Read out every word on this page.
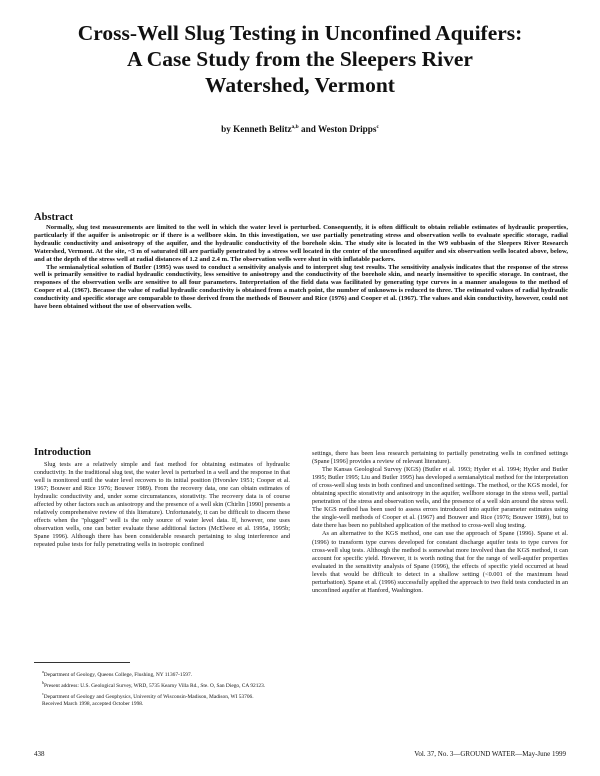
Cross-Well Slug Testing in Unconfined Aquifers:
A Case Study from the Sleepers River
Watershed, Vermont
by Kenneth Belitz$^{a,b}$ and Weston Dripps$^c$
Abstract

Normally, slug test measurements are limited to the well in which the water level is perturbed. Consequently, it is often difficult to obtain reliable estimates of hydraulic properties, particularly if the aquifer is anisotropic or if there is a wellbore skin. In this investigation, we use partially penetrating stress and observation wells to evaluate specific storage, radial hydraulic conductivity and anisotropy of the aquifer, and the hydraulic conductivity of the borehole skin. The study site is located in the W9 subbasin of the Sleepers River Research Watershed, Vermont. At the site, ~3 m of saturated till are partially penetrated by a stress well located in the center of the unconfined aquifer and six observation wells located above, below, and at the depth of the stress well at radial distances of 1.2 and 2.4 m. The observation wells were shut in with inflatable packers.

The semianalytical solution of Butler (1995) was used to conduct a sensitivity analysis and to interpret slug test results. The sensitivity analysis indicates that the response of the stress well is primarily sensitive to radial hydraulic conductivity, less sensitive to anisotropy and the conductivity of the borehole skin, and nearly insensitive to specific storage. In contrast, the responses of the observation wells are sensitive to all four parameters. Interpretation of the field data was facilitated by generating type curves in a manner analogous to the method of Cooper et al. (1967). Because the value of radial hydraulic conductivity is obtained from a match point, the number of unknowns is reduced to three. The estimated values of radial hydraulic conductivity and specific storage are comparable to those derived from the methods of Bouwer and Rice (1976) and Cooper et al. (1967). The values and skin conductivity, however, could not have been obtained without the use of observation wells.

Introduction

Slug tests are a relatively simple and fast method for obtaining estimates of hydraulic conductivity. In the traditional slug test, the water level is perturbed in a well and the response in that well is monitored until the water level recovers to its initial position (Hvorslev 1951; Cooper et al. 1967; Bouwer and Rice 1976; Bouwer 1989). From the recovery data, one can obtain estimates of hydraulic conductivity and, under some circumstances, storativity. The recovery data is of course affected by other factors such as anisotropy and the presence of a well skin (Chirlin [1990] presents a relatively comprehensive review of this literature). Unfortunately, it can be difficult to discern these effects when the "plugged" well is the only source of water level data. If, however, one uses observation wells, one can better evaluate these additional factors (McElwee et al. 1995a, 1995b; Spane 1996). Although there has been considerable research pertaining to slug interference and repeated pulse tests for fully penetrating wells in isotropic confined

$^a$Department of Geology, Queens College, Flushing, NY 11367-1597.
$^b$Present address: U.S. Geological Survey, WRD, 5735 Kearny Villa Rd., Ste. O, San Diego, CA 92123.
$^c$Department of Geology and Geophysics, University of Wisconsin-Madison, Madison, WI 53706.
Received March 1998, accepted October 1998.

settings, there has been less research pertaining to partially penetrating wells in confined settings (Spane [1996] provides a review of relevant literature).

The Kansas Geological Survey (KGS) (Butler et al. 1993; Hyder et al. 1994; Hyder and Butler 1995; Butler 1995; Liu and Butler 1995) has developed a semianalytical method for the interpretation of cross-well slug tests in both confined and unconfined settings. The method, or the KGS model, for obtaining specific storativity and anisotropy in the aquifer, wellbore storage in the stress well, partial penetration of the stress and observation wells, and the presence of a well skin around the stress well. The KGS method has been used to assess errors introduced into aquifer parameter estimates using the single-well methods of Cooper et al. (1967) and Bouwer and Rice (1976; Bouwer 1989), but to date there has been no published application of the method to cross-well slug testing.

As an alternative to the KGS method, one can use the approach of Spane (1996). Spane et al. (1996) to transform type curves developed for constant discharge aquifer tests to type curves for cross-well slug tests. Although the method is somewhat more involved than the KGS method, it can account for specific yield. However, it is worth noting that for the range of well-aquifer properties evaluated in the sensitivity analysis of Spane (1996), the effects of specific yield occurred at head levels that would be difficult to detect in a shallow setting (<0.001 of the maximum head perturbation). Spane et al. (1996) successfully applied the approach to two field tests conducted in an unconfined aquifer at Hanford, Washington.

438	Vol. 37, No. 3—GROUND WATER—May-June 1999
